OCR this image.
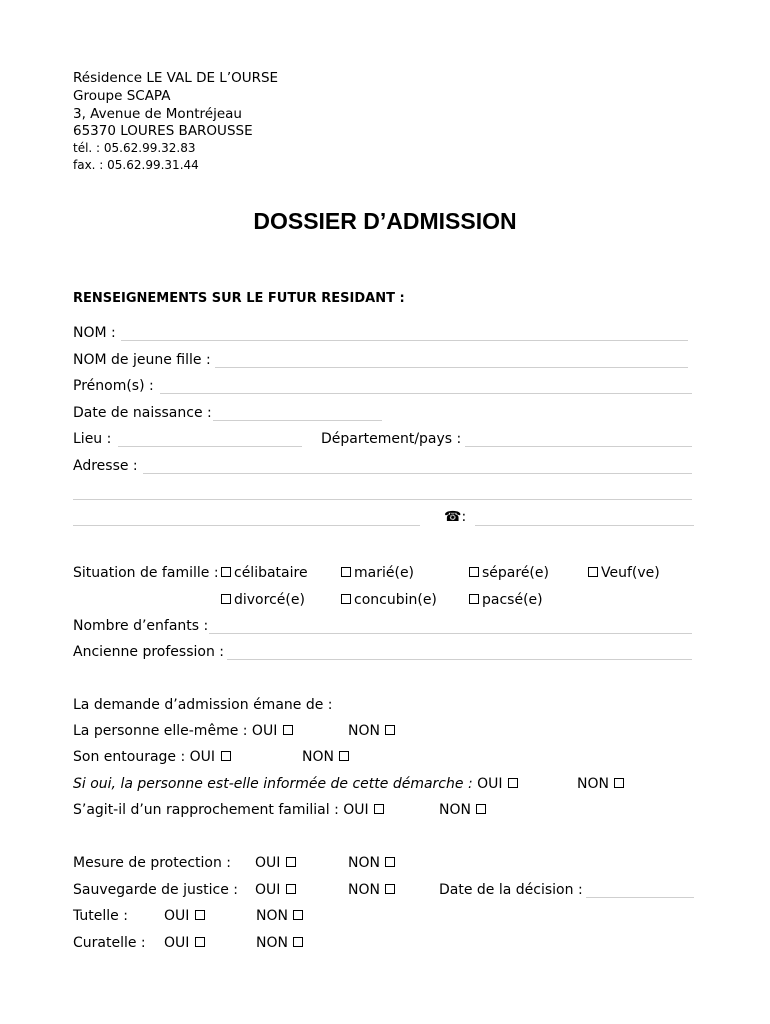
Résidence LE VAL DE L’OURSE
Groupe SCAPA
3, Avenue de Montréjeau
65370 LOURES BAROUSSE
tél. : 05.62.99.32.83
fax. : 05.62.99.31.44
DOSSIER D’ADMISSION
RENSEIGNEMENTS SUR LE FUTUR RESIDANT :
NOM :
NOM de jeune fille :
Prénom(s) :
Date de naissance :
Lieu :	Département/pays :
Adresse :
☎:
Situation de famille :	célibataire	marié(e)	séparé(e)	Veuf(ve)
divorcé(e)	concubin(e)	pacsé(e)
Nombre d’enfants :
Ancienne profession :
La demande d’admission émane de :
La personne elle-même : OUI	NON
Son entourage : OUI	NON
Si oui, la personne est-elle informée de cette démarche : OUI	NON
S’agit-il d’un rapprochement familial : OUI	NON
Mesure de protection : OUI	NON
Sauvegarde de justice : OUI	NON	Date de la décision :
Tutelle :	OUI	NON
Curatelle : OUI	NON
